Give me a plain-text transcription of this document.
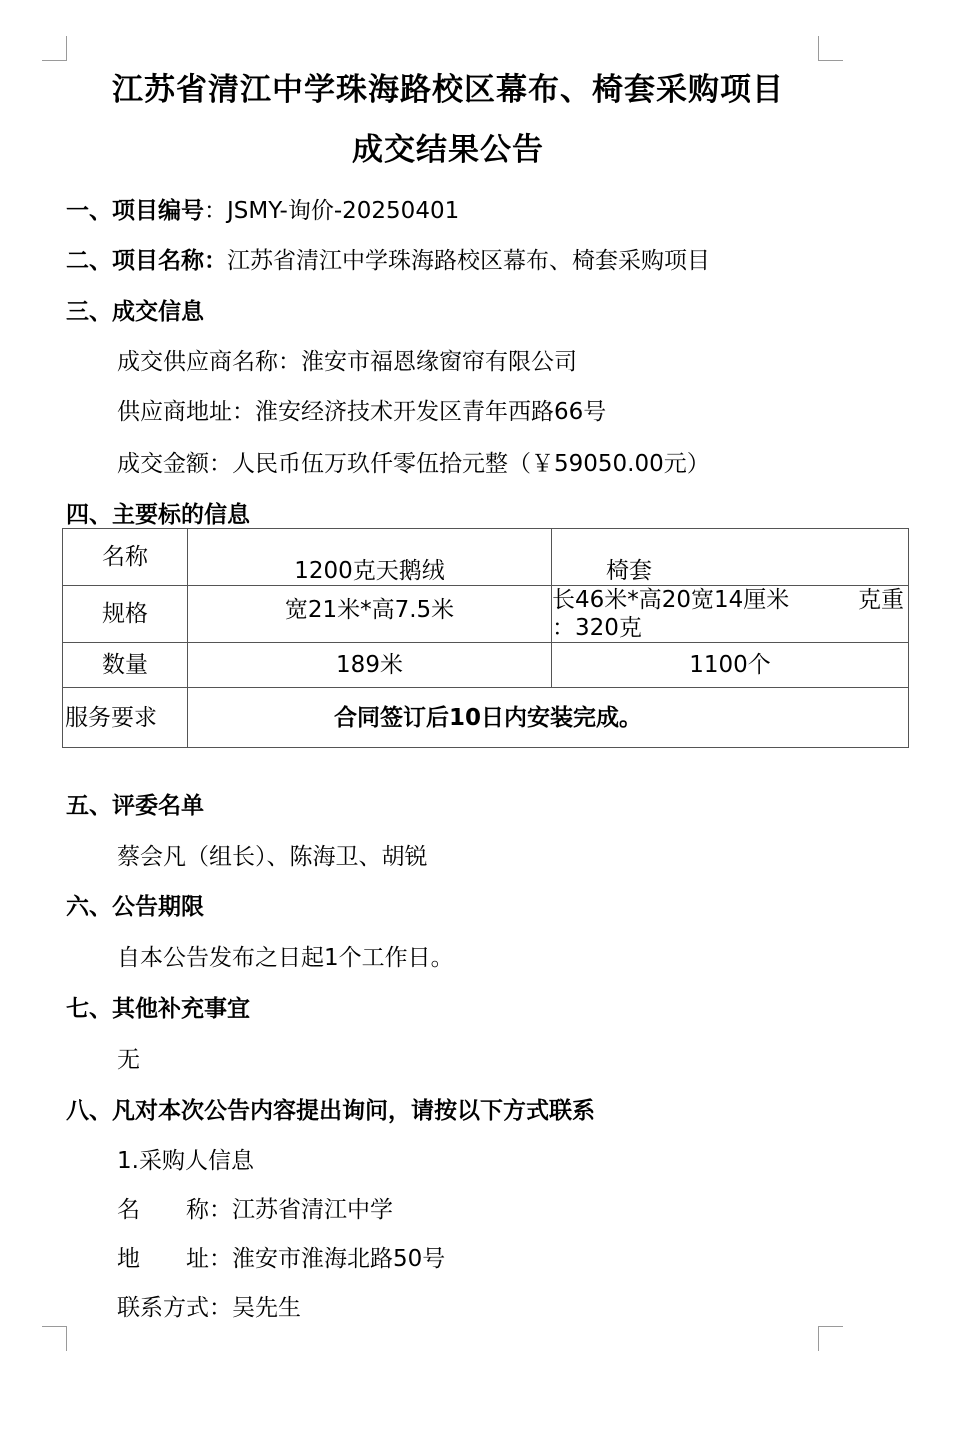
江苏省清江中学珠海路校区幕布、椅套采购项目
成交结果公告
一、项目编号：JSMY-询价-20250401
二、项目名称：江苏省清江中学珠海路校区幕布、椅套采购项目
三、成交信息
成交供应商名称：淮安市福恩缘窗帘有限公司
供应商地址：淮安经济技术开发区青年西路66号
成交金额：人民币伍万玖仟零伍拾元整（￥59050.00元）
四、主要标的信息
名称	1200克天鹅绒	椅套
规格	宽21米*高7.5米	长46米*高20宽14厘米 克重
：320克

数量	189米	1100个
服务要求	合同签订后10日内安装完成。	
五、评委名单
蔡会凡（组长）、陈海卫、胡锐
六、公告期限
自本公告发布之日起1个工作日。
七、其他补充事宜
无
八、凡对本次公告内容提出询问，请按以下方式联系
1.采购人信息
名　　称：江苏省清江中学
地　　址：淮安市淮海北路50号
联系方式：吴先生
